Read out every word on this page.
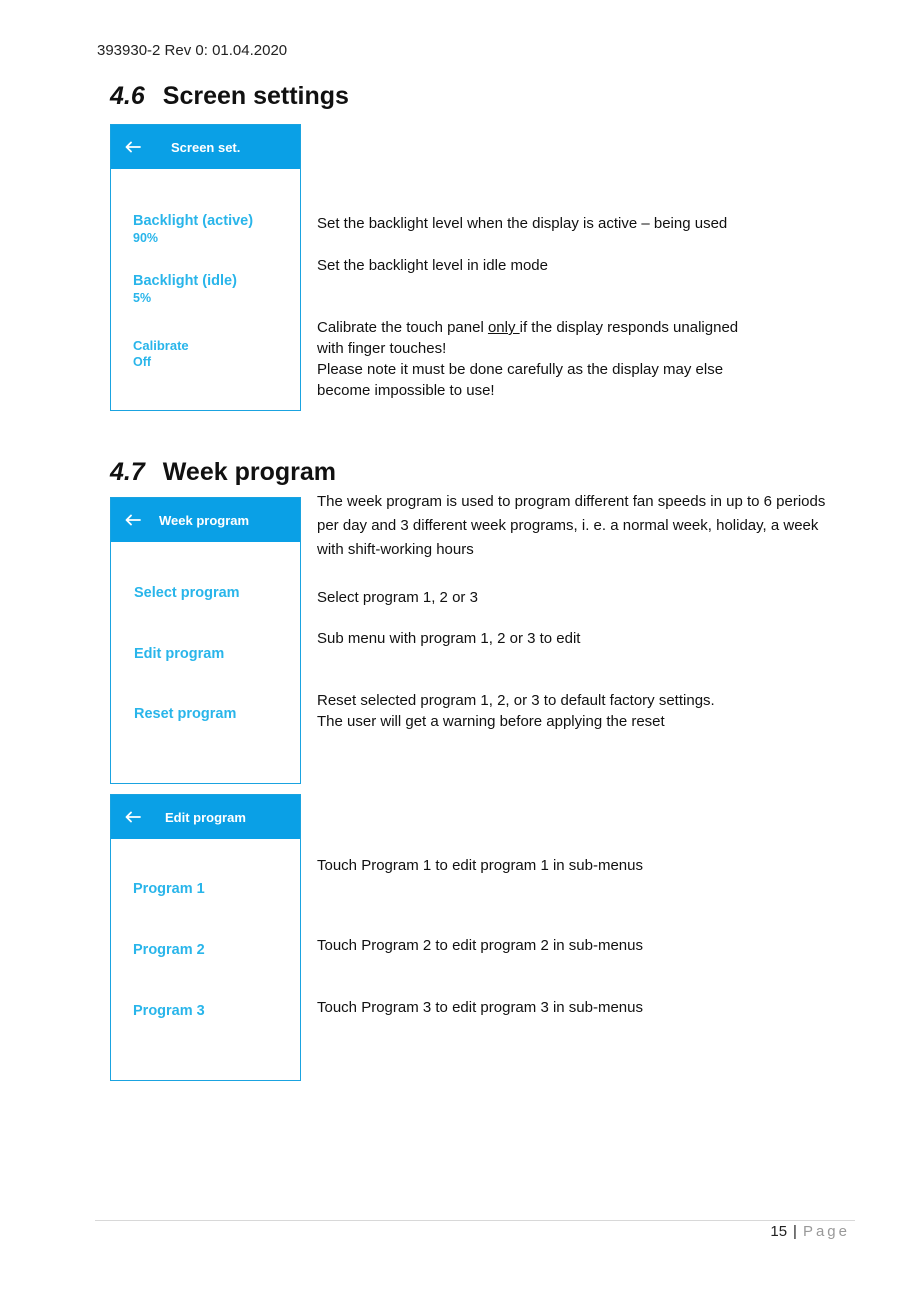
393930-2 Rev 0: 01.04.2020
4.6 Screen settings
Screen set.
Backlight (active)
90%
Backlight (idle)
5%
Calibrate
Off
Set the backlight level when the display is active – being used
Set the backlight level in idle mode
Calibrate the touch panel only if the display responds unaligned
with finger touches!
Please note it must be done carefully as the display may else
become impossible to use!
4.7 Week program
The week program is used to program different fan speeds in up to 6 periods
per day and 3 different week programs, i. e. a normal week, holiday, a week
with shift-working hours
Week program
Select program
Edit program
Reset program
Select program 1, 2 or 3
Sub menu with program 1, 2 or 3 to edit
Reset selected program 1, 2, or 3 to default factory settings.
The user will get a warning before applying the reset
Edit program
Program 1
Program 2
Program 3
Touch Program 1 to edit program 1 in sub-menus
Touch Program 2 to edit program 2 in sub-menus
Touch Program 3 to edit program 3 in sub-menus
15 | Page
